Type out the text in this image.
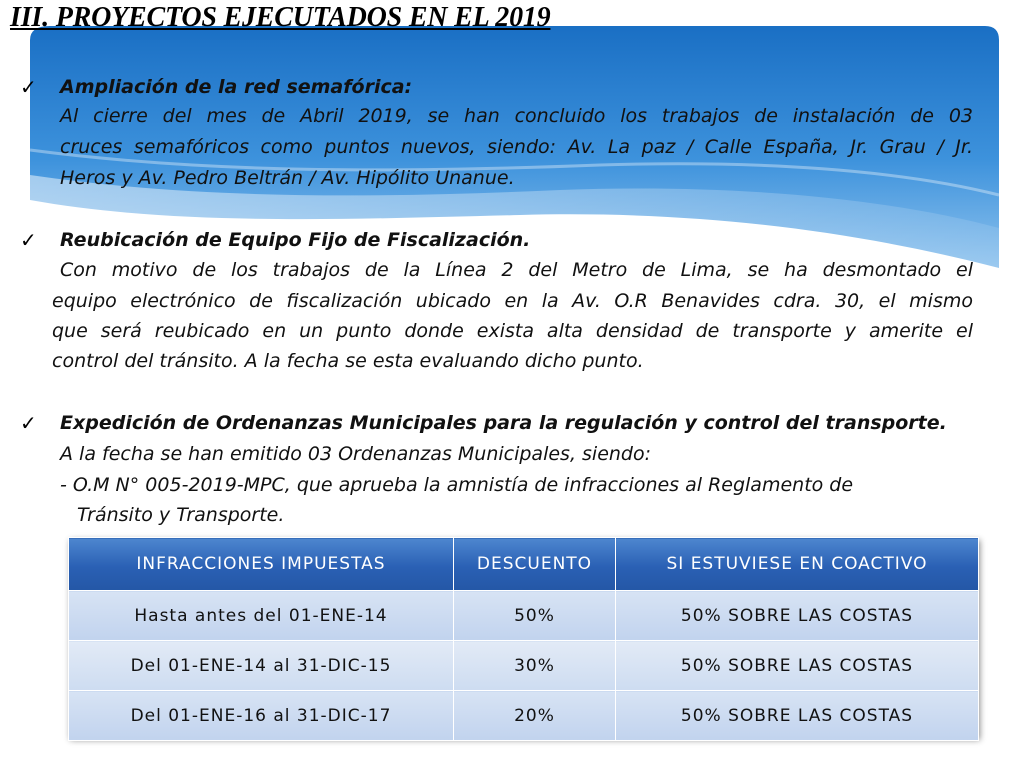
III. PROYECTOS EJECUTADOS EN EL 2019
✓ Ampliación de la red semafórica:
Al cierre del mes de Abril 2019, se han concluido los trabajos de instalación de 03
cruces semafóricos como puntos nuevos, siendo: Av. La paz / Calle España, Jr. Grau / Jr.
Heros y Av. Pedro Beltrán / Av. Hipólito Unanue.
✓ Reubicación de Equipo Fijo de Fiscalización.
Con motivo de los trabajos de la Línea 2 del Metro de Lima, se ha desmontado el
equipo electrónico de fiscalización ubicado en la Av. O.R Benavides cdra. 30, el mismo
que será reubicado en un punto donde exista alta densidad de transporte y amerite el
control del tránsito. A la fecha se esta evaluando dicho punto.
✓ Expedición de Ordenanzas Municipales para la regulación y control del transporte.
A la fecha se han emitido 03 Ordenanzas Municipales, siendo:
- O.M N° 005-2019-MPC, que aprueba la amnistía de infracciones al Reglamento de
Tránsito y Transporte.
INFRACCIONES IMPUESTAS	DESCUENTO	SI ESTUVIESE EN COACTIVO
Hasta antes del 01-ENE-14	50%	50% SOBRE LAS COSTAS
Del 01-ENE-14 al 31-DIC-15	30%	50% SOBRE LAS COSTAS
Del 01-ENE-16 al 31-DIC-17	20%	50% SOBRE LAS COSTAS
